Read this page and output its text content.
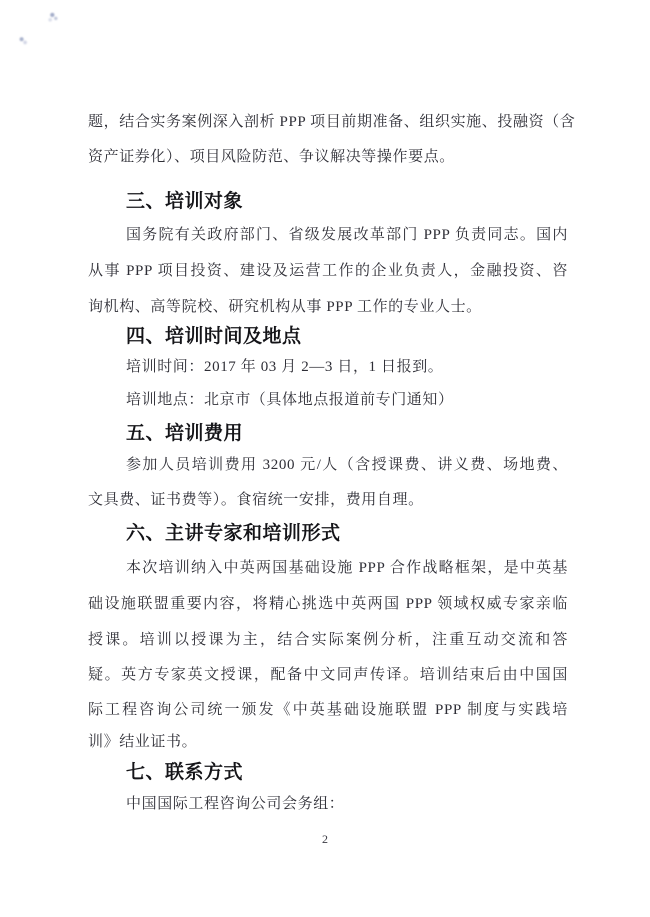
题，结合实务案例深入剖析 PPP 项目前期准备、组织实施、投融资（含

资产证券化）、项目风险防范、争议解决等操作要点。

三、培训对象

国务院有关政府部门、省级发展改革部门 PPP 负责同志。国内

从事 PPP 项目投资、建设及运营工作的企业负责人，金融投资、咨

询机构、高等院校、研究机构从事 PPP 工作的专业人士。

四、培训时间及地点

培训时间：2017 年 03 月 2—3 日，1 日报到。

培训地点：北京市（具体地点报道前专门通知）

五、培训费用

参加人员培训费用 3200 元/人（含授课费、讲义费、场地费、

文具费、证书费等）。食宿统一安排，费用自理。

六、主讲专家和培训形式

本次培训纳入中英两国基础设施 PPP 合作战略框架，是中英基

础设施联盟重要内容，将精心挑选中英两国 PPP 领域权威专家亲临

授课。培训以授课为主，结合实际案例分析，注重互动交流和答

疑。英方专家英文授课，配备中文同声传译。培训结束后由中国国

际工程咨询公司统一颁发《中英基础设施联盟 PPP 制度与实践培

训》结业证书。

七、联系方式

中国国际工程咨询公司会务组：

2
